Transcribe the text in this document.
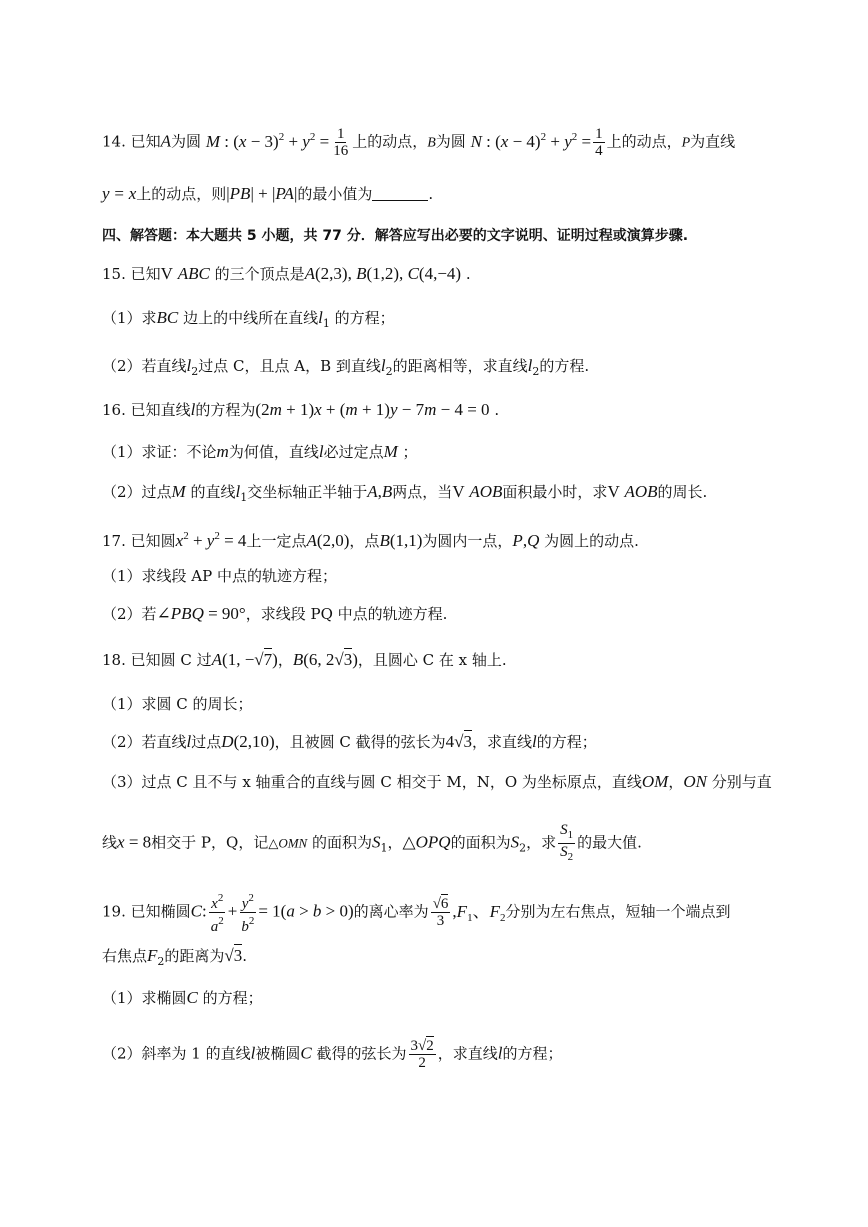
14. 已知A为圆 M : $(x - 3)^2 + y^2 = \frac{1}{16}$ 上的动点，B为圆 N : $(x - 4)^2 + y^2 = \frac{1}{4}$ 上的动点，P为直线
y = x上的动点，则|PB| + |PA|的最小值为	.
四、解答题：本大题共 5 小题，共 77 分．解答应写出必要的文字说明、证明过程或演算步骤.
15. 已知V ABC 的三个顶点是A(2,3), B(1,2), C(4,−4) .
（1）求BC 边上的中线所在直线$l_1$ 的方程；
（2）若直线$l_2$过点 C，且点 A，B 到直线$l_2$的距离相等，求直线$l_2$的方程.
16. 已知直线l的方程为(2m + 1)x + (m + 1)y − 7m − 4 = 0 .
（1）求证：不论m为何值，直线l必过定点M ；
（2）过点M 的直线$l_1$交坐标轴正半轴于A,B两点，当V AOB面积最小时，求V AOB的周长.
17. 已知圆$x^2 + y^2 = 4$上一定点A(2,0)，点B(1,1)为圆内一点，P,Q 为圆上的动点.
（1）求线段 AP 中点的轨迹方程；
（2）若∠PBQ = 90°，求线段 PQ 中点的轨迹方程.
18. 已知圆 C 过A(1, −√7)，B(6, 2√3)，且圆心 C 在 x 轴上.
（1）求圆 C 的周长；
（2）若直线l过点D(2,10)，且被圆 C 截得的弦长为4√3，求直线l的方程；
（3）过点 C 且不与 x 轴重合的直线与圆 C 相交于 M，N，O 为坐标原点，直线OM，ON 分别与直
线x = 8相交于 P，Q，记△OMN 的面积为$S_1$，△OPQ的面积为$S_2$，求 $\frac{S_1}{S_2}$ 的最大值.
19. 已知椭圆C: $\frac{x^2}{a^2} + \frac{y^2}{b^2} = 1(a > b > 0)$的离心率为 $\frac{√6}{3} ,F_1$、$F_2$分别为左右焦点，短轴一个端点到
右焦点$F_2$的距离为√3.
（1）求椭圆C 的方程；
（2）斜率为 1 的直线l被椭圆C 截得的弦长为 $\frac{3√2}{2}$ ，求直线l的方程；
